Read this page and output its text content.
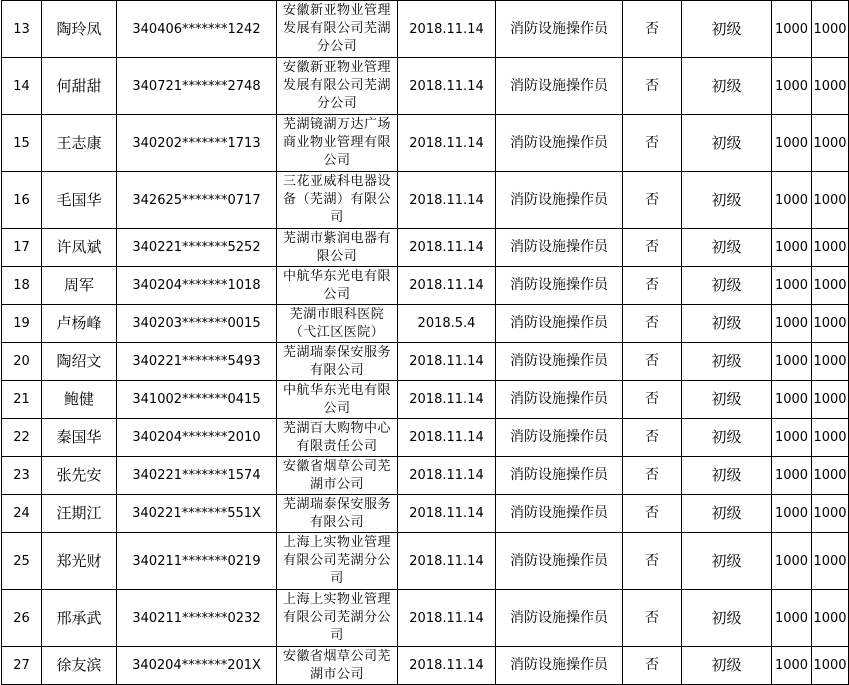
13	陶玲凤	340406*******1242	安徽新亚物业管理发展有限公司芜湖分公司	2018.11.14	消防设施操作员	否	初级	1000	1000
14	何甜甜	340721*******2748	安徽新亚物业管理发展有限公司芜湖分公司	2018.11.14	消防设施操作员	否	初级	1000	1000
15	王志康	340202*******1713	芜湖镜湖万达广场商业物业管理有限公司	2018.11.14	消防设施操作员	否	初级	1000	1000
16	毛国华	342625*******0717	三花亚威科电器设备（芜湖）有限公司	2018.11.14	消防设施操作员	否	初级	1000	1000
17	许凤斌	340221*******5252	芜湖市紫润电器有限公司	2018.11.14	消防设施操作员	否	初级	1000	1000
18	周军	340204*******1018	中航华东光电有限公司	2018.11.14	消防设施操作员	否	初级	1000	1000
19	卢杨峰	340203*******0015	芜湖市眼科医院（弋江区医院）	2018.5.4	消防设施操作员	否	初级	1000	1000
20	陶绍文	340221*******5493	芜湖瑞泰保安服务有限公司	2018.11.14	消防设施操作员	否	初级	1000	1000
21	鲍健	341002*******0415	中航华东光电有限公司	2018.11.14	消防设施操作员	否	初级	1000	1000
22	秦国华	340204*******2010	芜湖百大购物中心有限责任公司	2018.11.14	消防设施操作员	否	初级	1000	1000
23	张先安	340221*******1574	安徽省烟草公司芜湖市公司	2018.11.14	消防设施操作员	否	初级	1000	1000
24	汪期江	340221*******551X	芜湖瑞泰保安服务有限公司	2018.11.14	消防设施操作员	否	初级	1000	1000
25	郑光财	340211*******0219	上海上实物业管理有限公司芜湖分公司	2018.11.14	消防设施操作员	否	初级	1000	1000
26	邢承武	340211*******0232	上海上实物业管理有限公司芜湖分公司	2018.11.14	消防设施操作员	否	初级	1000	1000
27	徐友滨	340204*******201X	安徽省烟草公司芜湖市公司	2018.11.14	消防设施操作员	否	初级	1000	1000
